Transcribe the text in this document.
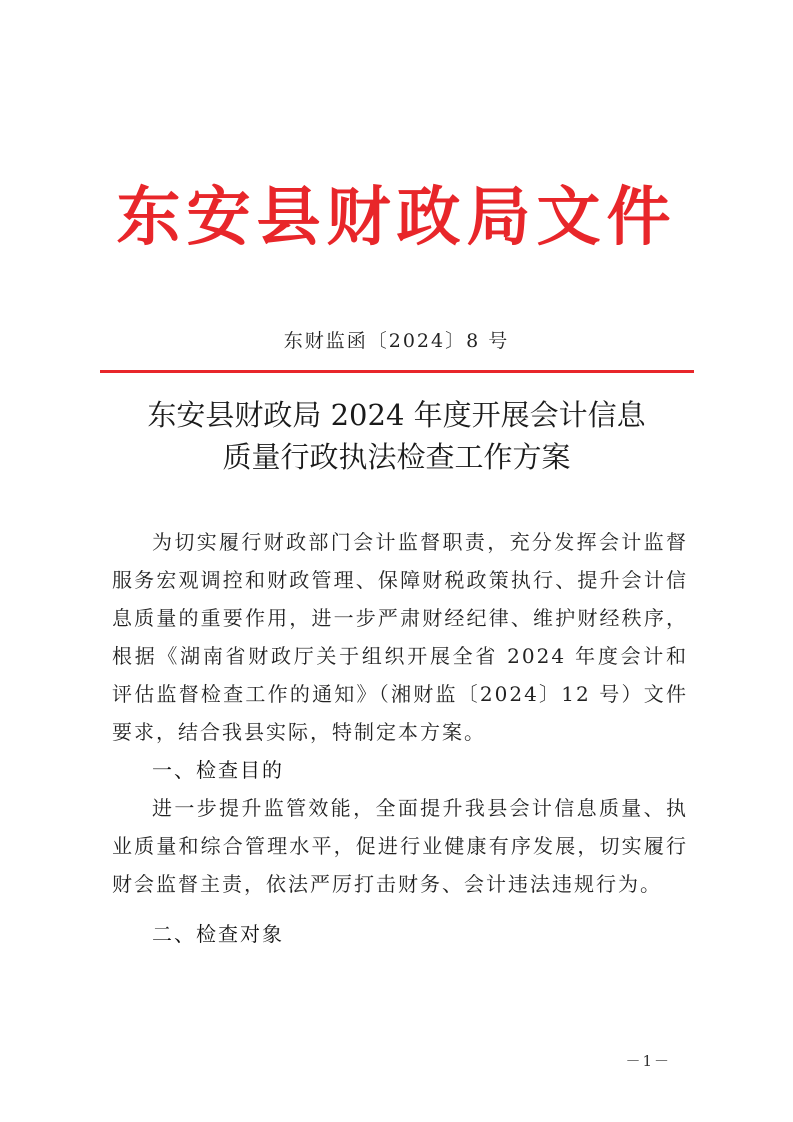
东安县财政局文件
东财监函〔2024〕8 号
东安县财政局 2024 年度开展会计信息
质量行政执法检查工作方案

为切实履行财政部门会计监督职责，充分发挥会计监督服务宏观调控和财政管理、保障财税政策执行、提升会计信息质量的重要作用，进一步严肃财经纪律、维护财经秩序，根据《湖南省财政厅关于组织开展全省 2024 年度会计和评估监督检查工作的通知》（湘财监〔2024〕12 号）文件要求，结合我县实际，特制定本方案。

一、检查目的

进一步提升监管效能，全面提升我县会计信息质量、执业质量和综合管理水平，促进行业健康有序发展，切实履行财会监督主责，依法严厉打击财务、会计违法违规行为。

二、检查对象
－1－
